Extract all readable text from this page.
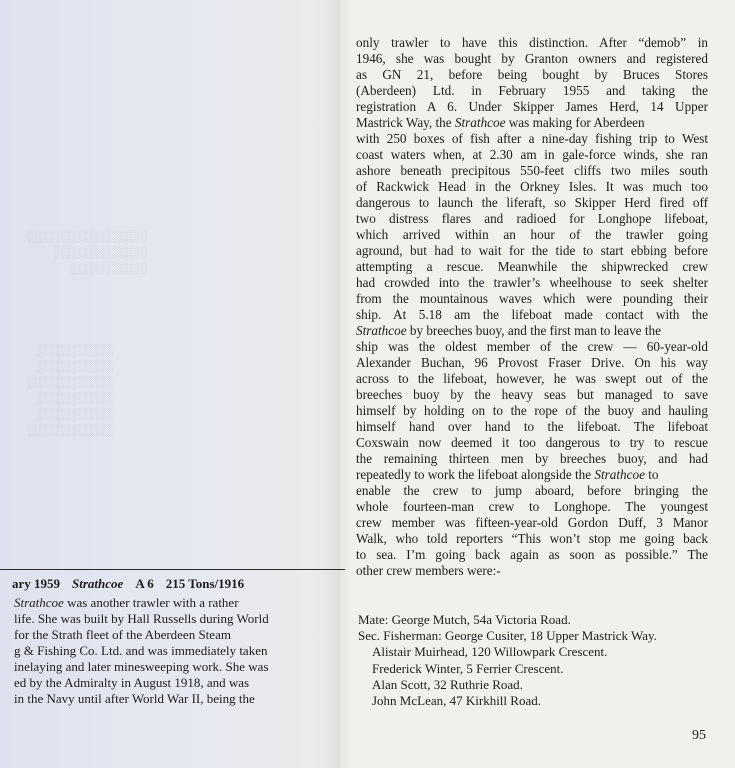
░░░░░░░░░░░░░░
░░░░░░░░░░░
░░░░░░░░░
░░░░░░░░░
░░░░░░░░░
░░░░░░░░░░
░░░░░░░░░
░░░░░░░░░
░░░░░░░░░░
ary 1959 Strathcoe A 6 215 Tons/1916
Strathcoe was another trawler with a rather
life. She was built by Hall Russells during World
for the Strath fleet of the Aberdeen Steam
g & Fishing Co. Ltd. and was immediately taken
inelaying and later minesweeping work. She was
ed by the Admiralty in August 1918, and was
in the Navy until after World War II, being the
only trawler to have this distinction. After “demob” in
1946, she was bought by Granton owners and registered
as GN 21, before being bought by Bruces Stores
(Aberdeen) Ltd. in February 1955 and taking the
registration A 6. Under Skipper James Herd, 14 Upper
Mastrick Way, the Strathcoe was making for Aberdeen
with 250 boxes of fish after a nine-day fishing trip to West
coast waters when, at 2.30 am in gale-force winds, she ran
ashore beneath precipitous 550-feet cliffs two miles south
of Rackwick Head in the Orkney Isles. It was much too
dangerous to launch the liferaft, so Skipper Herd fired off
two distress flares and radioed for Longhope lifeboat,
which arrived within an hour of the trawler going
aground, but had to wait for the tide to start ebbing before
attempting a rescue. Meanwhile the shipwrecked crew
had crowded into the trawler’s wheelhouse to seek shelter
from the mountainous waves which were pounding their
ship. At 5.18 am the lifeboat made contact with the
Strathcoe by breeches buoy, and the first man to leave the
ship was the oldest member of the crew — 60-year-old
Alexander Buchan, 96 Provost Fraser Drive. On his way
across to the lifeboat, however, he was swept out of the
breeches buoy by the heavy seas but managed to save
himself by holding on to the rope of the buoy and hauling
himself hand over hand to the lifeboat. The lifeboat
Coxswain now deemed it too dangerous to try to rescue
the remaining thirteen men by breeches buoy, and had
repeatedly to work the lifeboat alongside the Strathcoe to
enable the crew to jump aboard, before bringing the
whole fourteen-man crew to Longhope. The youngest
crew member was fifteen-year-old Gordon Duff, 3 Manor
Walk, who told reporters “This won’t stop me going back
to sea. I’m going back again as soon as possible.” The
other crew members were:-
Mate: George Mutch, 54a Victoria Road.
Sec. Fisherman: George Cusiter, 18 Upper Mastrick Way.
Alistair Muirhead, 120 Willowpark Crescent.
Frederick Winter, 5 Ferrier Crescent.
Alan Scott, 32 Ruthrie Road.
John McLean, 47 Kirkhill Road.
95
